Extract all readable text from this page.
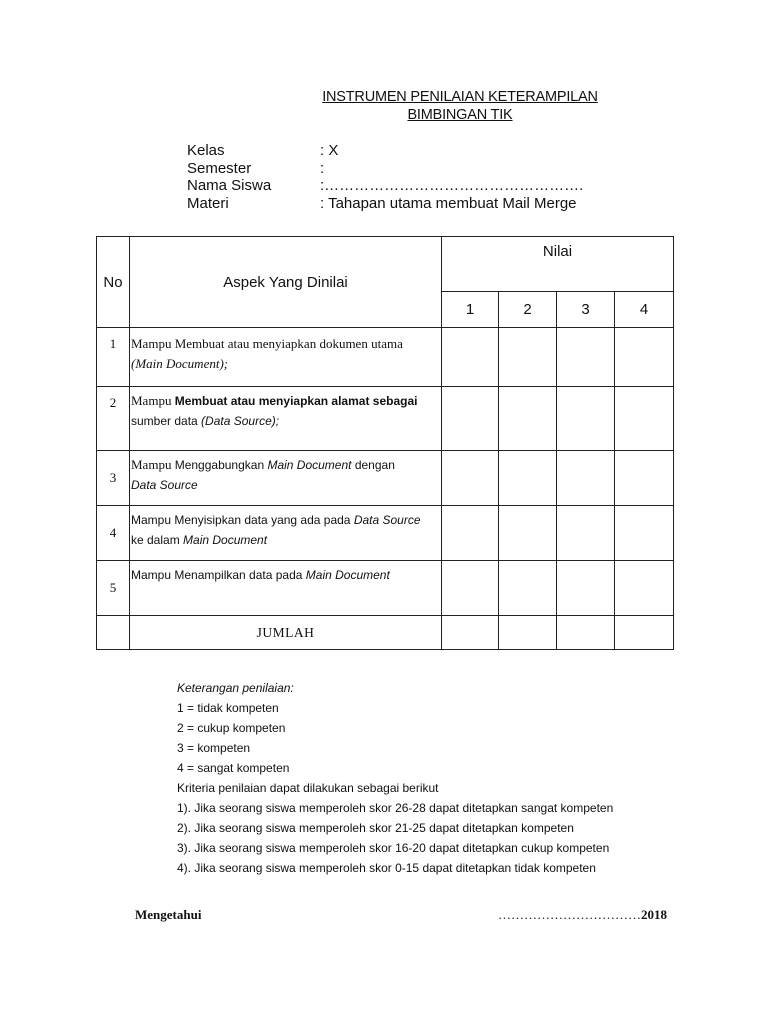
INSTRUMEN PENILAIAN KETERAMPILAN
BIMBINGAN TIK
Kelas	: X
Semester	:
Nama Siswa	:…………………………………………….
Materi	: Tahapan utama membuat Mail Merge
No	Aspek Yang Dinilai	Nilai			
		1	2	3	4
1	Mampu Membuat atau menyiapkan dokumen utama
(Main Document);				

2	Mampu Membuat atau menyiapkan alamat sebagai
sumber data (Data Source);				

3	Mampu Menggabungkan Main Document dengan
Data Source				

4	Mampu Menyisipkan data yang ada pada Data Source
ke dalam Main Document				

5	Mampu Menampilkan data pada Main Document				

	JUMLAH				
Keterangan penilaian:
1 = tidak kompeten
2 = cukup kompeten
3 = kompeten
4 = sangat kompeten
Kriteria penilaian dapat dilakukan sebagai berikut
1). Jika seorang siswa memperoleh skor 26-28 dapat ditetapkan sangat kompeten
2). Jika seorang siswa memperoleh skor 21-25 dapat ditetapkan kompeten
3). Jika seorang siswa memperoleh skor 16-20 dapat ditetapkan cukup kompeten
4). Jika seorang siswa memperoleh skor 0-15 dapat ditetapkan tidak kompeten
Mengetahui	……………………………2018
